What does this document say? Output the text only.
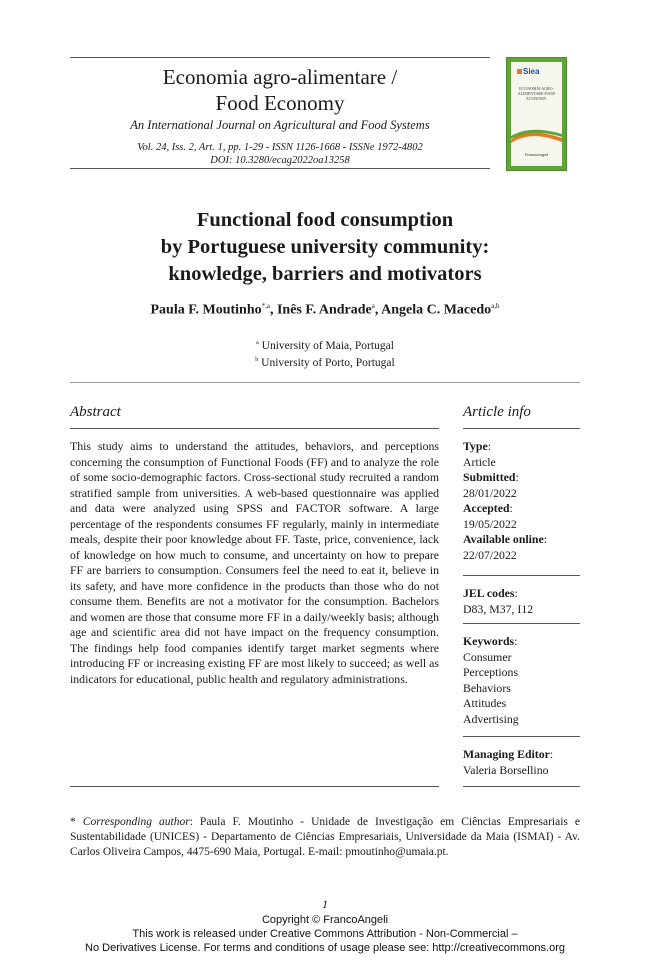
Economia agro-alimentare /
Food Economy
An International Journal on Agricultural and Food Systems
Vol. 24, Iss. 2, Art. 1, pp. 1-29 - ISSN 1126-1668 - ISSNe 1972-4802
DOI: 10.3280/ecag2022oa13258
Siea
ECONOMIA AGRO-ALIMENTARE FOOD ECONOMY
FrancoAngeli
Functional food consumption
by Portuguese university community:
knowledge, barriers and motivators
Paula F. Moutinho$^{*,a}$, Inês F. Andrade$^a$, Angela C. Macedo$^{a,b}$
$^a$ University of Maia, Portugal
$^b$ University of Porto, Portugal
Abstract
This study aims to understand the attitudes, behaviors, and perceptions concerning the consumption of Functional Foods (FF) and to analyze the role of some socio-demographic factors. Cross-sectional study recruited a random stratified sample from universities. A web-based questionnaire was applied and data were analyzed using SPSS and FACTOR software. A large percentage of the respondents consumes FF regularly, mainly in intermediate meals, despite their poor knowledge about FF. Taste, price, convenience, lack of knowledge on how much to consume, and uncertainty on how to prepare FF are barriers to consumption. Consumers feel the need to eat it, believe in its safety, and have more confidence in the products than those who do not consume them. Benefits are not a motivator for the consumption. Bachelors and women are those that consume more FF in a daily/weekly basis; although age and scientific area did not have impact on the frequency consumption. The findings help food companies identify target market segments where introducing FF or increasing existing FF are most likely to succeed; as well as indicators for educational, public health and regulatory administrations.
Article info
Type:
Article
Submitted:
28/01/2022
Accepted:
19/05/2022
Available online:
22/07/2022
JEL codes:
D83, M37, I12
Keywords:
Consumer
Perceptions
Behaviors
Attitudes
Advertising
Managing Editor:
Valeria Borsellino
* Corresponding author: Paula F. Moutinho - Unidade de Investigação em Ciências Empresariais e Sustentabilidade (UNICES) - Departamento de Ciências Empresariais, Universidade da Maia (ISMAI) - Av. Carlos Oliveira Campos, 4475-690 Maia, Portugal. E-mail: pmoutinho@umaia.pt.
1
Copyright © FrancoAngeli
This work is released under Creative Commons Attribution - Non-Commercial –
No Derivatives License. For terms and conditions of usage please see: http://creativecommons.org
